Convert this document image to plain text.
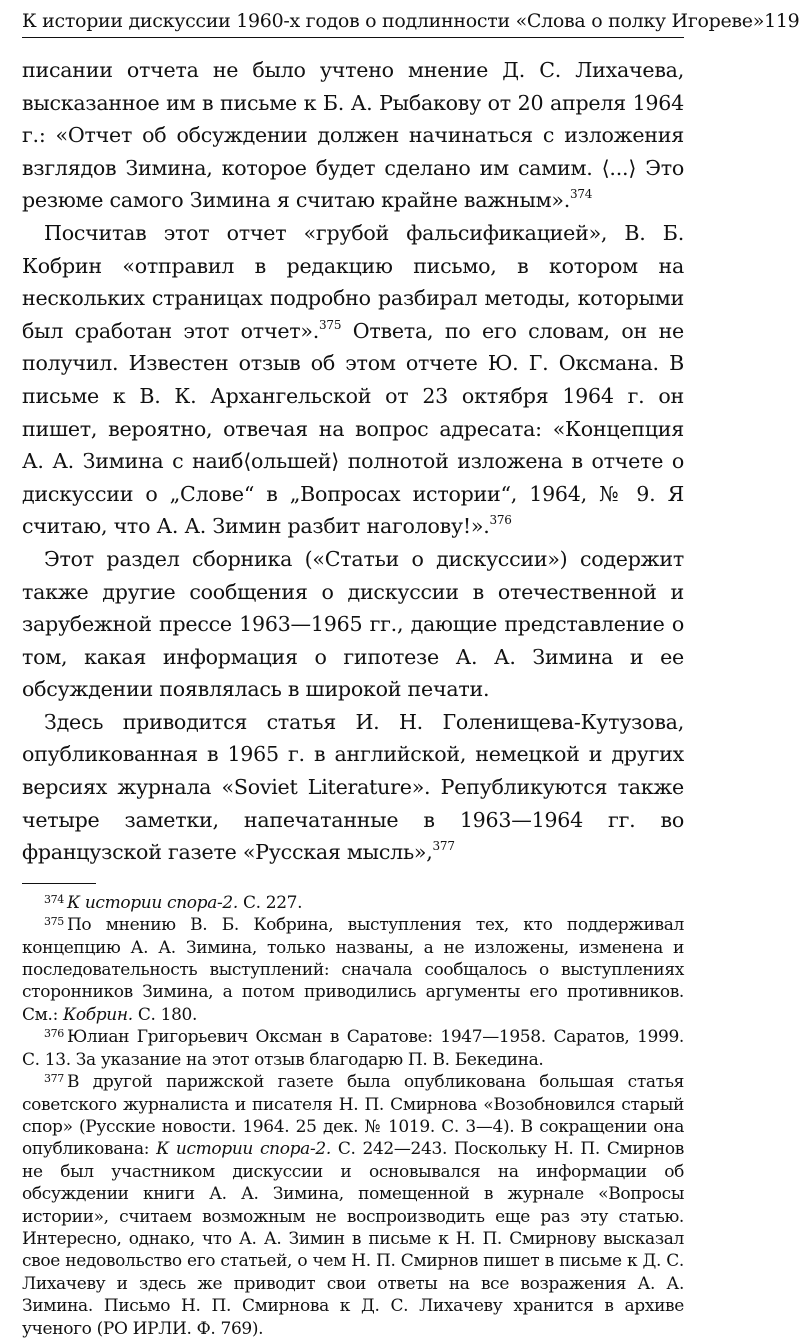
К истории дискуссии 1960-х годов о подлинности «Слова о полку Игореве» 119

писании отчета не было учтено мнение Д. С. Лихачева, высказанное им в письме к Б. А. Рыбакову от 20 апреля 1964 г.: «Отчет об обсуждении должен начинаться с изложения взглядов Зимина, которое будет сделано им самим. ⟨...⟩ Это резюме самого Зимина я считаю крайне важным».$^{374}$

Посчитав этот отчет «грубой фальсификацией», В. Б. Кобрин «отправил в редакцию письмо, в котором на нескольких страницах подробно разбирал методы, которыми был сработан этот отчет».$^{375}$ Ответа, по его словам, он не получил. Известен отзыв об этом отчете Ю. Г. Оксмана. В письме к В. К. Архангельской от 23 октября 1964 г. он пишет, вероятно, отвечая на вопрос адресата: «Концепция А. А. Зимина с наиб⟨ольшей⟩ полнотой изложена в отчете о дискуссии о „Слове“ в „Вопросах истории“, 1964, № 9. Я считаю, что А. А. Зимин разбит наголову!».$^{376}$

Этот раздел сборника («Статьи о дискуссии») содержит также другие сообщения о дискуссии в отечественной и зарубежной прессе 1963—1965 гг., дающие представление о том, какая информация о гипотезе А. А. Зимина и ее обсуждении появлялась в широкой печати.

Здесь приводится статья И. Н. Голенищева-Кутузова, опубликованная в 1965 г. в английской, немецкой и других версиях журнала «Soviet Literature». Републикуются также четыре заметки, напечатанные в 1963—1964 гг. во французской газете «Русская мысль»,$^{377}$

$^{374}$ К истории спора-2. С. 227.

$^{375}$ По мнению В. Б. Кобрина, выступления тех, кто поддерживал концепцию А. А. Зимина, только названы, а не изложены, изменена и последовательность выступлений: сначала сообщалось о выступлениях сторонников Зимина, а потом приводились аргументы его противников. См.: Кобрин. С. 180.

$^{376}$ Юлиан Григорьевич Оксман в Саратове: 1947—1958. Саратов, 1999. С. 13. За указание на этот отзыв благодарю П. В. Бекедина.

$^{377}$ В другой парижской газете была опубликована большая статья советского журналиста и писателя Н. П. Смирнова «Возобновился старый спор» (Русские новости. 1964. 25 дек. № 1019. С. 3—4). В сокращении она опубликована: К истории спора-2. С. 242—243. Поскольку Н. П. Смирнов не был участником дискуссии и основывался на информации об обсуждении книги А. А. Зимина, помещенной в журнале «Вопросы истории», считаем возможным не воспроизводить еще раз эту статью. Интересно, однако, что А. А. Зимин в письме к Н. П. Смирнову высказал свое недовольство его статьей, о чем Н. П. Смирнов пишет в письме к Д. С. Лихачеву и здесь же приводит свои ответы на все возражения А. А. Зимина. Письмо Н. П. Смирнова к Д. С. Лихачеву хранится в архиве ученого (РО ИРЛИ. Ф. 769).
